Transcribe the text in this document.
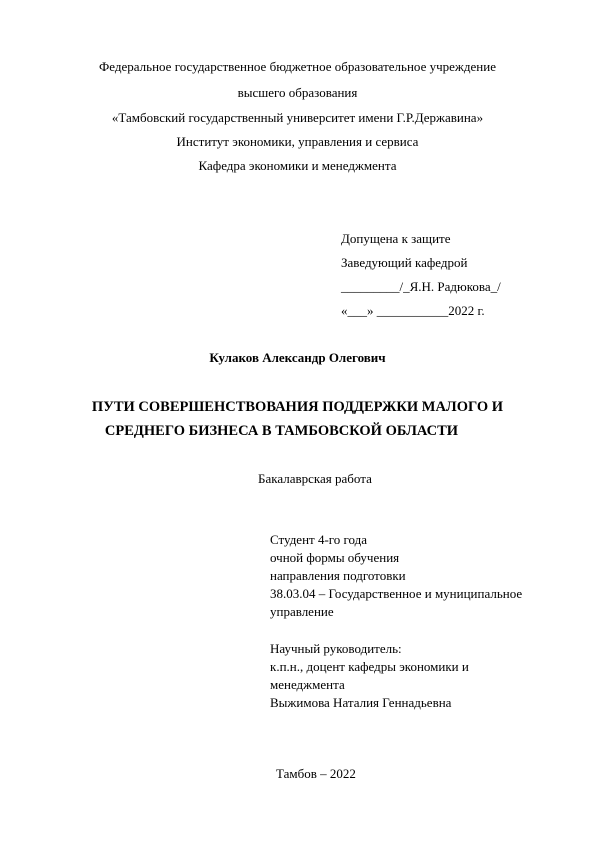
Федеральное государственное бюджетное образовательное учреждение
высшего образования
«Тамбовский государственный университет имени Г.Р.Державина»
Институт экономики, управления и сервиса
Кафедра экономики и менеджмента
Допущена к защите
Заведующий кафедрой
_________/_Я.Н. Радюкова_/
«___» ___________2022 г.
Кулаков Александр Олегович
ПУТИ СОВЕРШЕНСТВОВАНИЯ ПОДДЕРЖКИ МАЛОГО И
СРЕДНЕГО БИЗНЕСА В ТАМБОВСКОЙ ОБЛАСТИ
Бакалаврская работа
Студент 4-го года
очной формы обучения
направления подготовки
38.03.04 – Государственное и муниципальное
управление
Научный руководитель:
к.п.н., доцент кафедры экономики и
менеджмента
Выжимова Наталия Геннадьевна
Тамбов – 2022
